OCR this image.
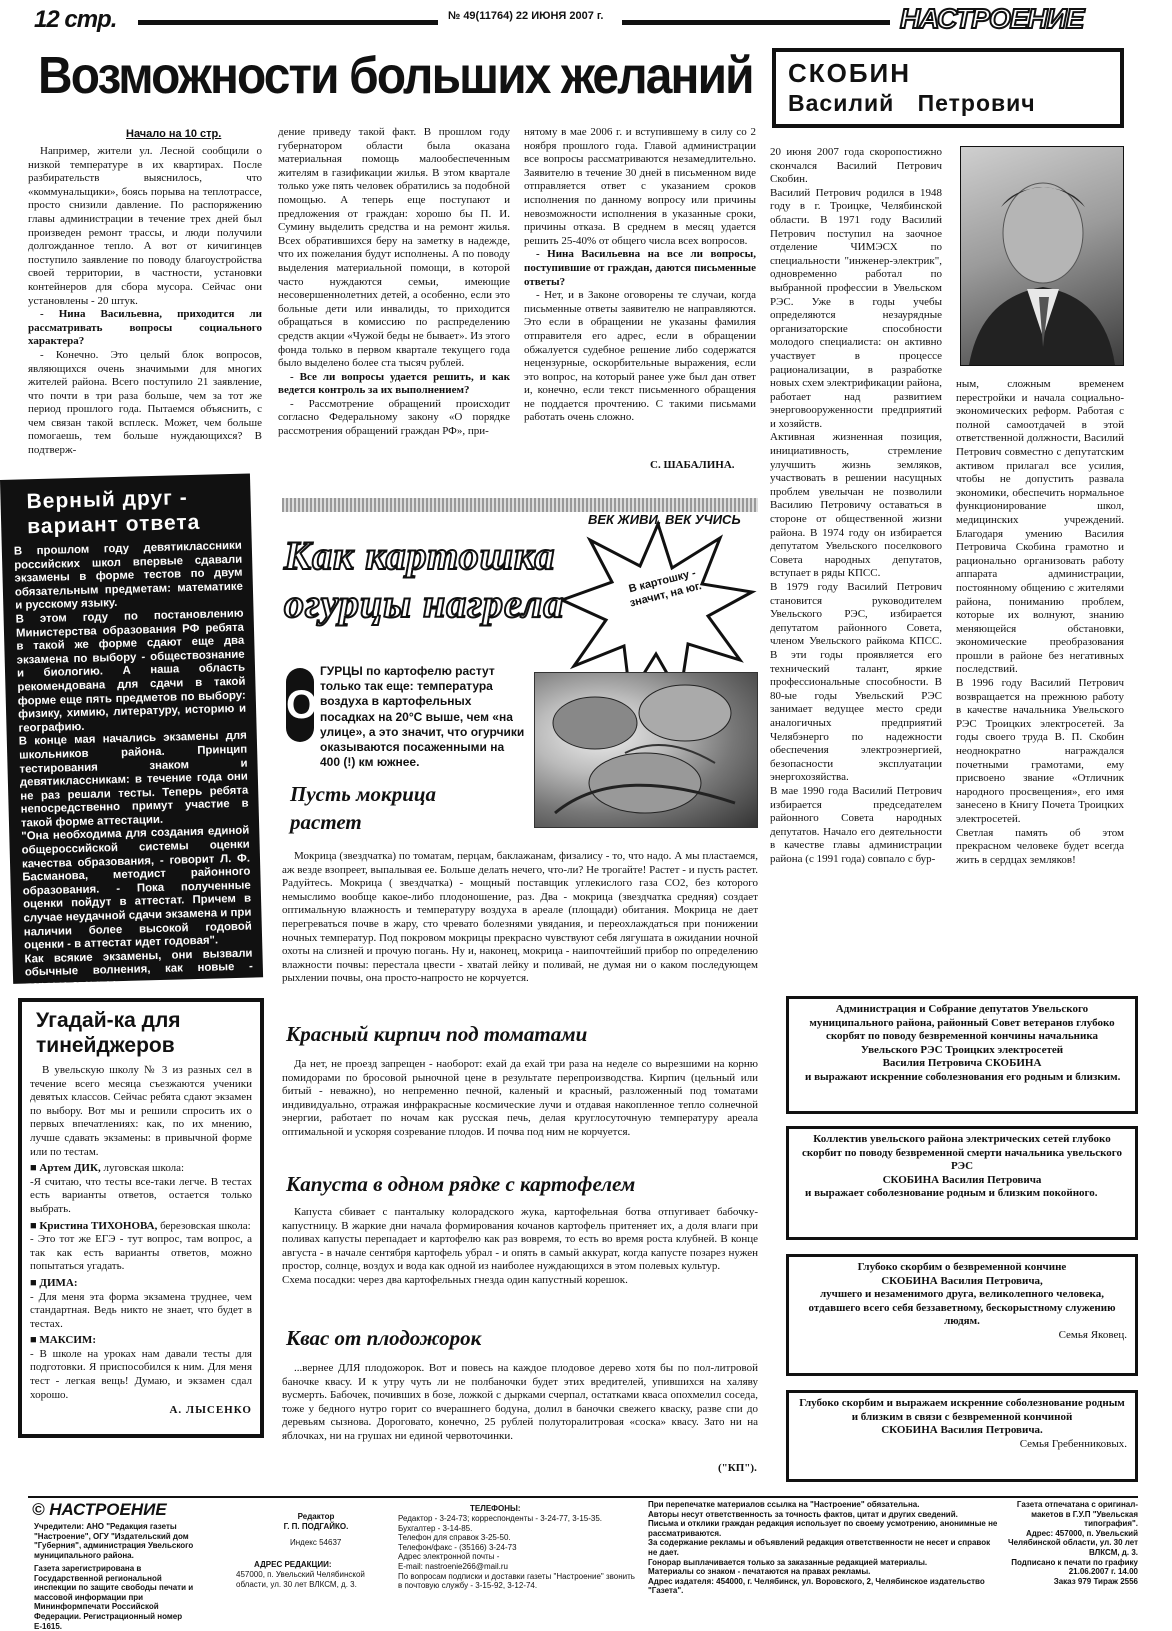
12 стр.	№ 49(11764) 22 ИЮНЯ 2007 г.	НАСТРОЕНИЕ
Возможности больших желаний
Начало на 10 стр.

Например, жители ул. Лесной сообщили о низкой температуре в их квартирах. После разбирательств выяснилось, что «коммунальщики», боясь порыва на теплотрассе, просто снизили давление. По распоряжению главы администрации в течение трех дней был произведен ремонт трассы, и люди получили долгожданное тепло. А вот от кичигинцев поступило заявление по поводу благоустройства своей территории, в частности, установки контейнеров для сбора мусора. Сейчас они установлены - 20 штук.

- Нина Васильевна, приходится ли рассматривать вопросы социального характера?

- Конечно. Это целый блок вопросов, являющихся очень значимыми для многих жителей района. Всего поступило 21 заявление, что почти в три раза больше, чем за тот же период прошлого года. Пытаемся объяснить, с чем связан такой всплеск. Может, чем больше помогаешь, тем больше нуждающихся? В подтверж-

дение приведу такой факт. В прошлом году губернатором области была оказана материальная помощь малообеспеченным жителям в газификации жилья. В этом квартале только уже пять человек обратились за подобной помощью. А теперь еще поступают и предложения от граждан: хорошо бы П. И. Сумину выделить средства и на ремонт жилья. Всех обратившихся беру на заметку в надежде, что их пожелания будут исполнены. А по поводу выделения материальной помощи, в которой часто нуждаются семьи, имеющие несовершеннолетних детей, а особенно, если это больные дети или инвалиды, то приходится обращаться в комиссию по распределению средств акции «Чужой беды не бывает». Из этого фонда только в первом квартале текущего года было выделено более ста тысяч рублей.

- Все ли вопросы удается решить, и как ведется контроль за их выполнением?

- Рассмотрение обращений происходит согласно Федеральному закону «О порядке рассмотрения обращений граждан РФ», при-

нятому в мае 2006 г. и вступившему в силу со 2 ноября прошлого года. Главой администрации все вопросы рассматриваются незамедлительно. Заявителю в течение 30 дней в письменном виде отправляется ответ с указанием сроков исполнения по данному вопросу или причины невозможности исполнения в указанные сроки, причины отказа. В среднем в месяц удается решить 25-40% от общего числа всех вопросов.

- Нина Васильевна на все ли вопросы, поступившие от граждан, даются письменные ответы?

- Нет, и в Законе оговорены те случаи, когда письменные ответы заявителю не направляются. Это если в обращении не указаны фамилия отправителя его адрес, если в обращении обжалуется судебное решение либо содержатся нецензурные, оскорбительные выражения, если это вопрос, на который ранее уже был дан ответ и, конечно, если текст письменного обращения не поддается прочтению. С такими письмами работать очень сложно.

С. ШАБАЛИНА.
СКОБИН
Василий Петрович
20 июня 2007 года скоропостижно скончался Василий Петрович Скобин.
Василий Петрович родился в 1948 году в г. Троицке, Челябинской области. В 1971 году Василий Петрович поступил на заочное отделение ЧИМЭСХ по специальности "инженер-электрик", одновременно работал по выбранной профессии в Увельском РЭС. Уже в годы учебы определяются незаурядные организаторские способности молодого специалиста: он активно участвует в процессе рационализации, в разработке новых схем электрификации района, работает над развитием энерговооруженности предприятий и хозяйств.
Активная жизненная позиция, инициативность, стремление улучшить жизнь земляков, участвовать в решении насущных проблем увелычан не позволили Василию Петровичу оставаться в стороне от общественной жизни района. В 1974 году он избирается депутатом Увельского поселкового Совета народных депутатов, вступает в ряды КПСС.
В 1979 году Василий Петрович становится руководителем Увельского РЭС, избирается депутатом районного Совета, членом Увельского райкома КПСС. В эти годы проявляется его технический талант, яркие профессиональные способности. В 80-ые годы Увельский РЭС занимает ведущее место среди аналогичных предприятий Челябэнерго по надежности обеспечения электроэнергией, безопасности эксплуатации энергохозяйства.
В мае 1990 года Василий Петрович избирается председателем районного Совета народных депутатов. Начало его деятельности в качестве главы администрации района (с 1991 года) совпало с бур-
ным, сложным временем перестройки и начала социально-экономических реформ. Работая с полной самоотдачей в этой ответственной должности, Василий Петрович совместно с депутатским активом прилагал все усилия, чтобы не допустить развала экономики, обеспечить нормальное функционирование школ, медицинских учреждений. Благодаря умению Василия Петровича Скобина грамотно и рационально организовать работу аппарата администрации, постоянному общению с жителями района, пониманию проблем, которые их волнуют, знанию меняющейся обстановки, экономические преобразования прошли в районе без негативных последствий.
В 1996 году Василий Петрович возвращается на прежнюю работу в качестве начальника Увельского РЭС Троицких электросетей. За годы своего труда В. П. Скобин неоднократно награждался почетными грамотами, ему присвоено звание «Отличник народного просвещения», его имя занесено в Книгу Почета Троицких электросетей.
Светлая память об этом прекрасном человеке будет всегда жить в сердцах земляков!
Верный друг - вариант ответа
В прошлом году девятиклассники российских школ впервые сдавали экзамены в форме тестов по двум обязательным предметам: математике и русскому языку.
В этом году по постановлению Министерства образования РФ ребята в такой же форме сдают еще два экзамена по выбору - обществознание и биологию. А наша область рекомендована для сдачи в такой форме еще пять предметов по выбору: физику, химию, литературу, историю и географию.
В конце мая начались экзамены для школьников района. Принцип тестирования знаком и девятиклассникам: в течение года они не раз решали тесты. Теперь ребята непосредственно примут участие в такой форме аттестации.
"Она необходима для создания единой общероссийской системы оценки качества образования, - говорит Л. Ф. Басманова, методист районного образования. - Пока полученные оценки пойдут в аттестат. Причем в случае неудачной сдачи экзамена и при наличии более высокой годовой оценки - в аттестат идет годовая".
Как всякие экзамены, они вызвали обычные волнения, как новые - первые отзывы.
Угадай-ка для тинейджеров
В увельскую школу № 3 из разных сел в течение всего месяца съезжаются ученики девятых классов. Сейчас ребята сдают экзамен по выбору. Вот мы и решили спросить их о первых впечатлениях: как, по их мнению, лучше сдавать экзамены: в привычной форме или по тестам.
■ Артем ДИК, луговская школа:
-Я считаю, что тесты все-таки легче. В тестах есть варианты ответов, остается только выбрать.
■ Кристина ТИХОНОВА, березовская школа:
- Это тот же ЕГЭ - тут вопрос, там вопрос, а так как есть варианты ответов, можно попытаться угадать.
■ ДИМА:
- Для меня эта форма экзамена труднее, чем стандартная. Ведь никто не знает, что будет в тестах.
■ МАКСИМ:
- В школе на уроках нам давали тесты для подготовки. Я приспособился к ним. Для меня тест - легкая вещь! Думаю, и экзамен сдал хорошо.
А. ЛЫСЕНКО
ВЕК ЖИВИ, ВЕК УЧИСЬ
В картошку - значит, на юг.
Как картошка огурцы нагрела
О
ГУРЦЫ по картофелю растут только так еще: температура воздуха в картофельных посадках на 20°С выше, чем «на улице», а это значит, что огурчики оказываются посаженными на 400 (!) км южнее.
Пусть мокрица растет
Мокрица (звездчатка) по томатам, перцам, баклажанам, физалису - то, что надо. А мы пластаемся, аж везде взопреет, выпалывая ее. Больше делать нечего, что-ли? Не трогайте! Растет - и пусть растет. Радуйтесь. Мокрица ( звездчатка) - мощный поставщик углекислого газа СО2, без которого немыслимо вообще какое-либо плодоношение, раз. Два - мокрица (звездчатка средняя) создает оптимальную влажность и температуру воздуха в ареале (площади) обитания. Мокрица не дает перегреваться почве в жару, сто чревато болезнями увядания, и переохлаждаться при понижении ночных температур. Под покровом мокрицы прекрасно чувствуют себя лягушата в ожидании ночной охоты на слизней и прочую погань. Ну и, наконец, мокрица - наипочтейший прибор по определению влажности почвы: перестала цвести - хватай лейку и поливай, не думая ни о каком последующем рыхлении почвы, она просто-напросто не корчуется.
Красный кирпич под томатами
Да нет, не проезд запрещен - наоборот: ехай да ехай три раза на неделе со вырезшими на корню помидорами по бросовой рыночной цене в результате перепроизводства. Кирпич (цельный или битый - неважно), но непременно печной, каленый и красный, разложенный под томатами индивидуально, отражая инфракрасные космические лучи и отдавая накопленное тепло солнечной энергии, работает по ночам как русская печь, делая круглосуточную температуру ареала оптимальной и ускоряя созревание плодов. И почва под ним не корчуется.
Капуста в одном рядке с картофелем
Капуста сбивает с панталыку колорадского жука, картофельная ботва отпугивает бабочку-капустницу. В жаркие дни начала формирования кочанов картофель притеняет их, а доля влаги при поливах капусты перепадает и картофелю как раз вовремя, то есть во время роста клубней. В конце августа - в начале сентября картофель убрал - и опять в самый аккурат, когда капусте позарез нужен простор, солнце, воздух и вода как одной из наиболее нуждающихся в этом полевых культур.
Схема посадки: через два картофельных гнезда один капустный корешок.
Квас от плодожорок
...вернее ДЛЯ плодожорок. Вот и повесь на каждое плодовое дерево хотя бы по пол-литровой баночке квасу. И к утру чуть ли не полбаночки будет этих вредителей, упившихся на халяву вусмерть. Бабочек, почивших в бозе, ложкой с дырками счерпал, остатками кваса опохмелил соседа, тоже у бедного нутро горит со вчерашнего бодуна, долил в баночки свежего кваску, разве спи до деревьям сызнова. Дороговато, конечно, 25 рублей полуторалитровая «соска» квасу. Зато ни на яблочках, ни на грушах ни единой червоточинки.
("КП").
Администрация и Собрание депутатов Увельского муниципального района, районный Совет ветеранов глубоко скорбят по поводу безвременной кончины начальника Увельского РЭС Троицких электросетей
Василия Петровича СКОБИНА

и выражают искренние соболезнования его родным и близким.
Коллектив увельского района электрических сетей глубоко скорбит по поводу безвременной смерти начальника увельского РЭС
СКОБИНА Василия Петровича

и выражает соболезнование родным и близким покойного.
Глубоко скорбим о безвременной кончине
СКОБИНА Василия Петровича,
лучшего и незаменимого друга, великолепного человека, отдавшего всего себя беззаветному, бескорыстному служению людям.
Семья Яковец.
Глубоко скорбим и выражаем искренние соболезнование родным и близким в связи с безвременной кончиной
СКОБИНА Василия Петровича.
Семья Гребенниковых.
© НАСТРОЕНИЕ
Учредители: АНО "Редакция газеты "Настроение", ОГУ "Издательский дом "Губерния", администрация Увельского муниципального района.
Газета зарегистрирована в Государственной региональной инспекции по защите свободы печати и массовой информации при Мининформпечати Российской Федерации. Регистрационный номер Е-1615.
Редактор
Г. П. ПОДГАЙКО.
Индекс 54637
АДРЕС РЕДАКЦИИ:
457000, п. Увельский Челябинской области, ул. 30 лет ВЛКСМ, д. 3.
ТЕЛЕФОНЫ:
Редактор - 3-24-73; корреспонденты - 3-24-77, 3-15-35.
Бухгалтер - 3-14-85.
Телефон для справок 3-25-50.
Телефон/факс - (35166) 3-24-73
Адрес электронной почты -
E-mail: nastroenie266@mail.ru
По вопросам подписки и доставки газеты "Настроение" звонить в почтовую службу - 3-15-92, 3-12-74.
При перепечатке материалов ссылка на "Настроение" обязательна.
Авторы несут ответственность за точность фактов, цитат и других сведений.
Письма и отклики граждан редакция использует по своему усмотрению, анонимные не рассматриваются.
За содержание рекламы и объявлений редакция ответственности не несет и справок не дает.
Гонорар выплачивается только за заказанные редакцией материалы.
Материалы со знаком - печатаются на правах рекламы.
Адрес издателя: 454000, г. Челябинск, ул. Воровского, 2, Челябинское издательство "Газета".
Газета отпечатана с оригинал-макетов в Г.У.П "Увельская типография".
Адрес: 457000, п. Увельский Челябинской области, ул. 30 лет ВЛКСМ, д. 3.
Подписано к печати по графику 21.06.2007 г. 14.00
Заказ 979 Тираж 2556
